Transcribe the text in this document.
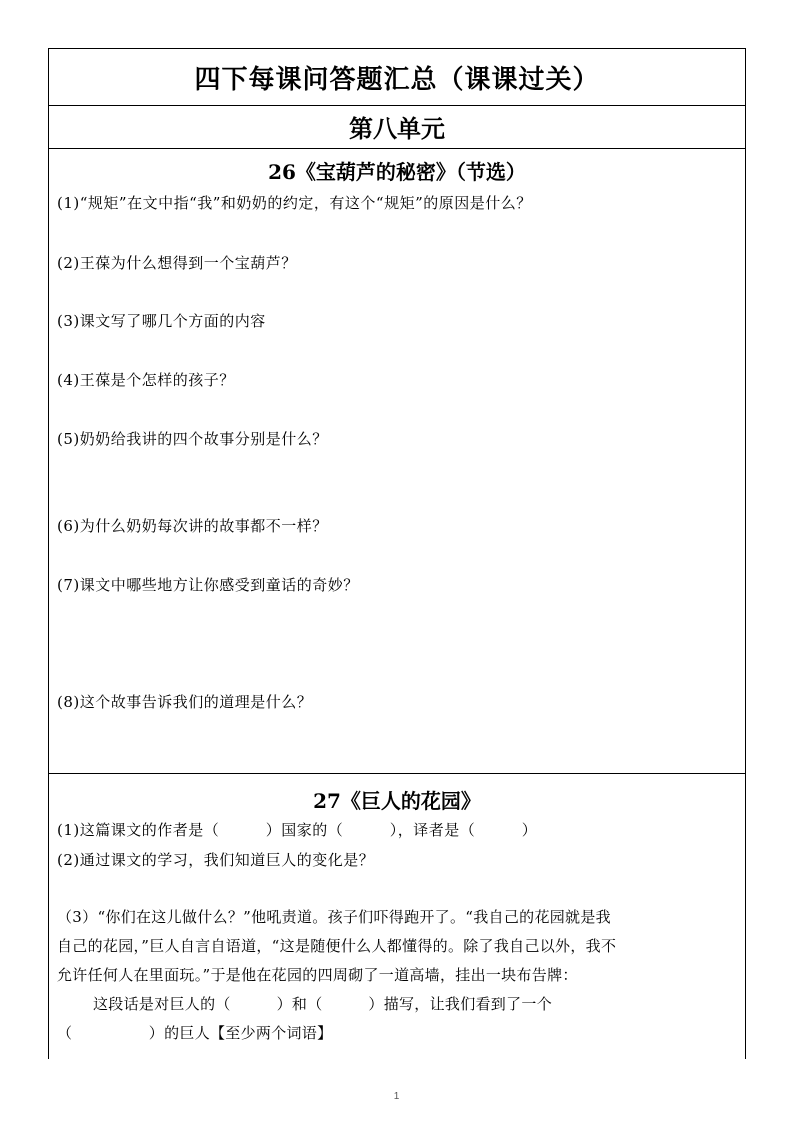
四下每课问答题汇总（课课过关）
第八单元
26《宝葫芦的秘密》（节选）
(1)“规矩”在文中指“我”和奶奶的约定，有这个“规矩”的原因是什么？
(2)王葆为什么想得到一个宝葫芦？
(3)课文写了哪几个方面的内容
(4)王葆是个怎样的孩子？
(5)奶奶给我讲的四个故事分别是什么？
(6)为什么奶奶每次讲的故事都不一样？
(7)课文中哪些地方让你感受到童话的奇妙？
(8)这个故事告诉我们的道理是什么？
27《巨人的花园》
(1)这篇课文的作者是（　　　）国家的（　　　），译者是（　　　）
(2)通过课文的学习，我们知道巨人的变化是？
（3）“你们在这儿做什么？”他吼责道。孩子们吓得跑开了。“我自己的花园就是我
自己的花园，”巨人自言自语道，“这是随便什么人都懂得的。除了我自己以外，我不
允许任何人在里面玩。”于是他在花园的四周砌了一道高墙，挂出一块布告牌：
这段话是对巨人的（　　　）和（　　　）描写，让我们看到了一个
（　　　　　）的巨人【至少两个词语】
1
